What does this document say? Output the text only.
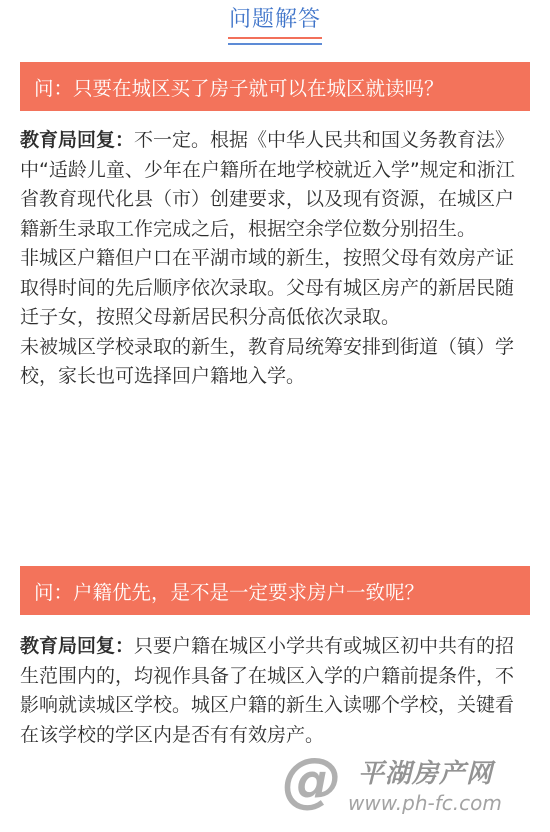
问题解答
问：只要在城区买了房子就可以在城区就读吗？

教育局回复：不一定。根据《中华人民共和国义务教育法》中“适龄儿童、少年在户籍所在地学校就近入学”规定和浙江省教育现代化县（市）创建要求，以及现有资源，在城区户籍新生录取工作完成之后，根据空余学位数分别招生。

非城区户籍但户口在平湖市域的新生，按照父母有效房产证取得时间的先后顺序依次录取。父母有城区房产的新居民随迁子女，按照父母新居民积分高低依次录取。

未被城区学校录取的新生，教育局统筹安排到街道（镇）学校，家长也可选择回户籍地入学。

问：户籍优先，是不是一定要求房户一致呢？

教育局回复：只要户籍在城区小学共有或城区初中共有的招生范围内的，均视作具备了在城区入学的户籍前提条件，不影响就读城区学校。城区户籍的新生入读哪个学校，关键看在该学校的学区内是否有有效房产。

@ 平湖房产网
www.ph-fc.com
